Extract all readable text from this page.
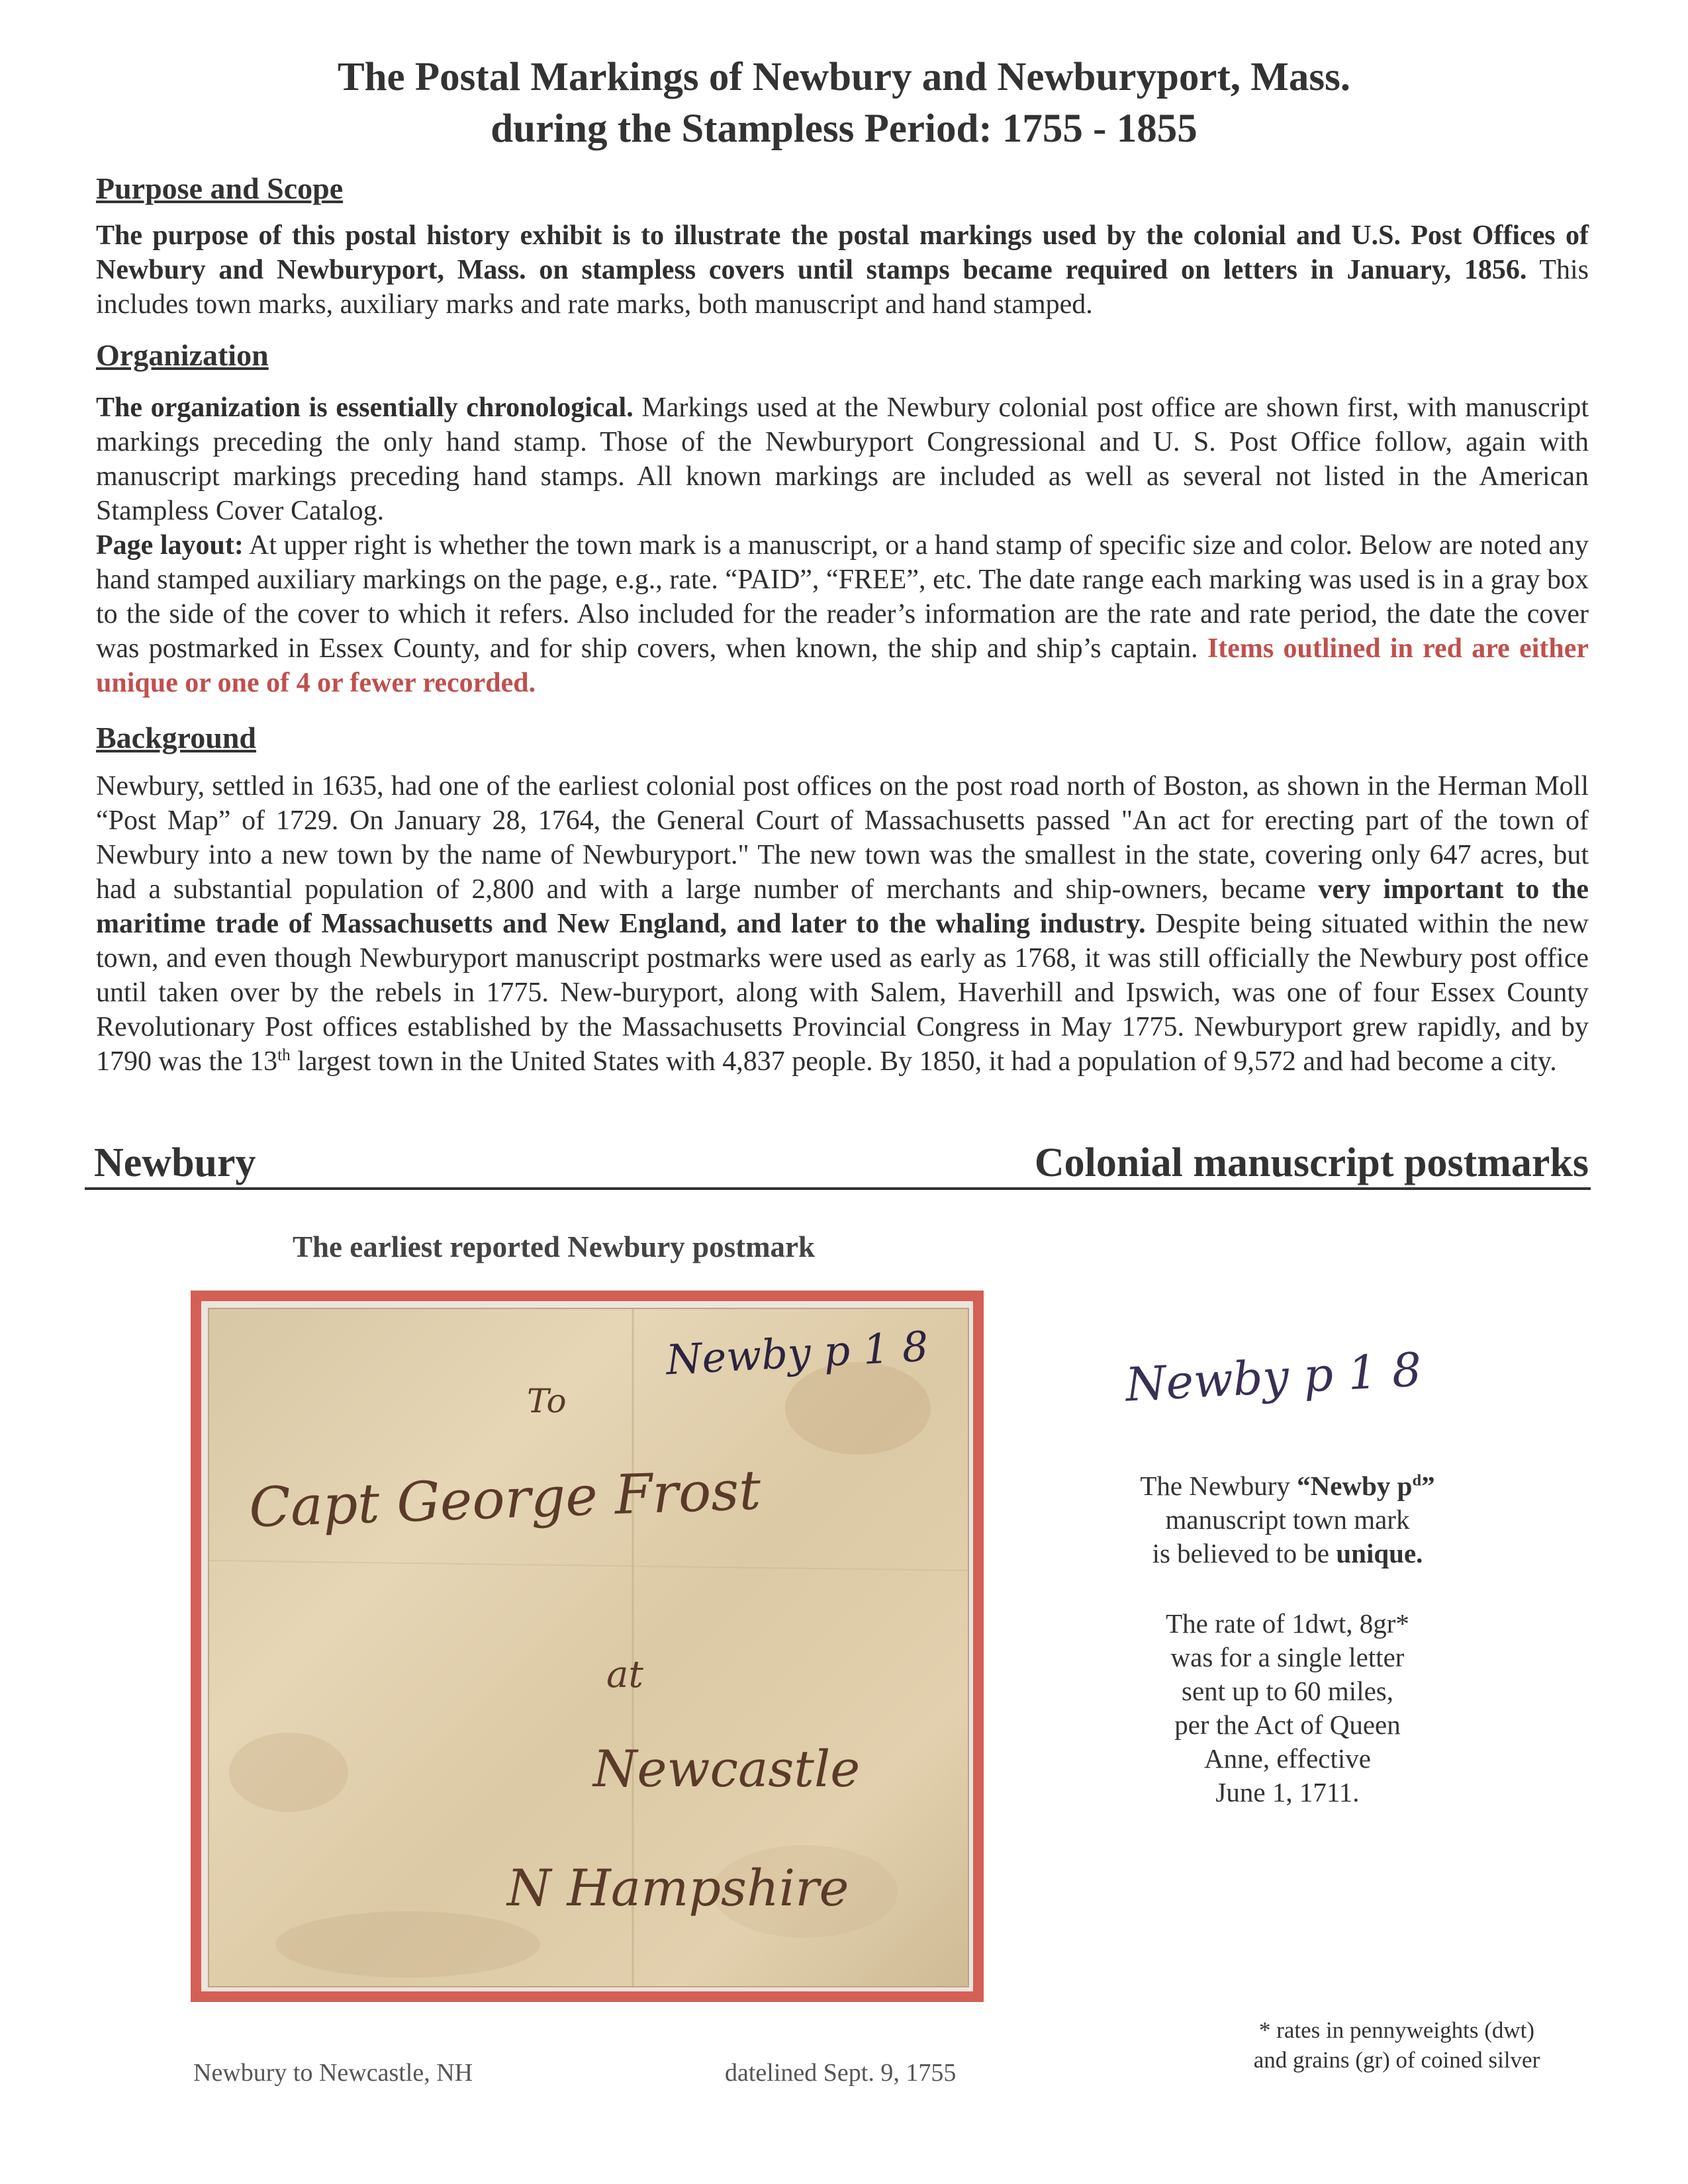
The Postal Markings of Newbury and Newburyport, Mass.
during the Stampless Period: 1755 - 1855
Purpose and Scope
The purpose of this postal history exhibit is to illustrate the postal markings used by the colonial and U.S. Post Offices of Newbury and Newburyport, Mass. on stampless covers until stamps became required on letters in January, 1856. This includes town marks, auxiliary marks and rate marks, both manuscript and hand stamped.
Organization
The organization is essentially chronological. Markings used at the Newbury colonial post office are shown first, with manuscript markings preceding the only hand stamp. Those of the Newburyport Congressional and U. S. Post Office follow, again with manuscript markings preceding hand stamps. All known markings are included as well as several not listed in the American Stampless Cover Catalog.
Page layout: At upper right is whether the town mark is a manuscript, or a hand stamp of specific size and color. Below are noted any hand stamped auxiliary markings on the page, e.g., rate. “PAID”, “FREE”, etc. The date range each marking was used is in a gray box to the side of the cover to which it refers. Also included for the reader’s information are the rate and rate period, the date the cover was postmarked in Essex County, and for ship covers, when known, the ship and ship’s captain. Items outlined in red are either unique or one of 4 or fewer recorded.
Background
Newbury, settled in 1635, had one of the earliest colonial post offices on the post road north of Boston, as shown in the Herman Moll “Post Map” of 1729. On January 28, 1764, the General Court of Massachusetts passed "An act for erecting part of the town of Newbury into a new town by the name of Newburyport." The new town was the smallest in the state, covering only 647 acres, but had a substantial population of 2,800 and with a large number of merchants and ship-owners, became very important to the maritime trade of Massachusetts and New England, and later to the whaling industry. Despite being situated within the new town, and even though Newburyport manuscript postmarks were used as early as 1768, it was still officially the Newbury post office until taken over by the rebels in 1775. New-buryport, along with Salem, Haverhill and Ipswich, was one of four Essex County Revolutionary Post offices established by the Massachusetts Provincial Congress in May 1775. Newburyport grew rapidly, and by 1790 was the 13th largest town in the United States with 4,837 people. By 1850, it had a population of 9,572 and had become a city.
Newbury	Colonial manuscript postmarks
The earliest reported Newbury postmark
Newby p 1 8
To
Capt George Frost
at
Newcastle
N Hampshire
Newbury to Newcastle, NH	datelined Sept. 9, 1755
Newby p 1 8
The Newbury “Newby $p^d$”
manuscript town mark
is believed to be unique.
The rate of 1dwt, 8gr*
was for a single letter
sent up to 60 miles,
per the Act of Queen
Anne, effective
June 1, 1711.
* rates in pennyweights (dwt)
and grains (gr) of coined silver
